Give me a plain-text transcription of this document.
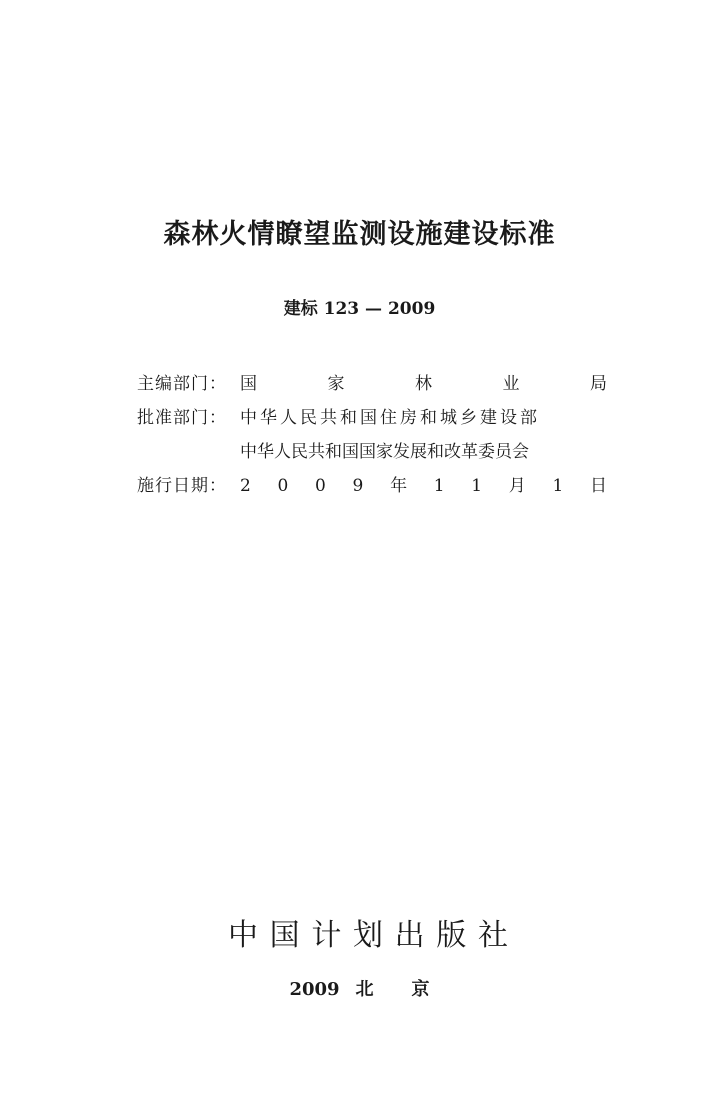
森林火情瞭望监测设施建设标准
建标 123 — 2009
主编部门： 国	家	林	业	局
批准部门： 中华人民共和国住房和城乡建设部
中华人民共和国国家发展和改革委员会
施行日期： 2 0 0 9 年 1 1 月 1 日
中 国 计 划 出 版 社
2009 北 京
